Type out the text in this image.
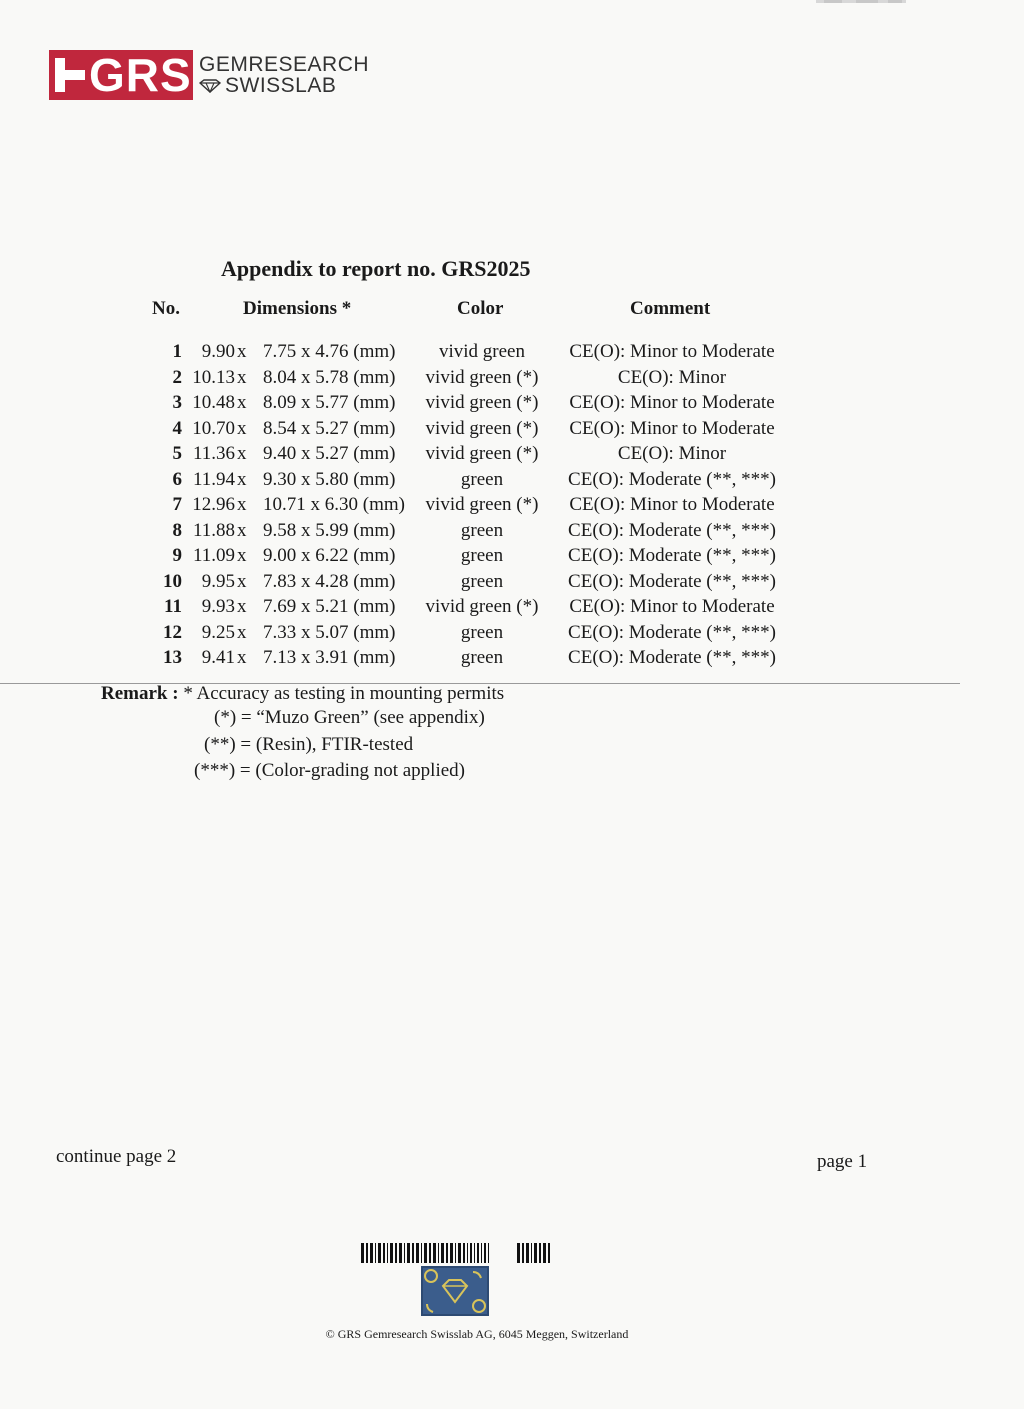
GRS GEMRESEARCH
SWISSLAB
Appendix to report no. GRS2025
No.	Dimensions *	Color	Comment
1 9.90 x 7.75 x 4.76 (mm) vivid green CE(O): Minor to Moderate
2 10.13 x 8.04 x 5.78 (mm) vivid green (*)	CE(O): Minor
3 10.48 x 8.09 x 5.77 (mm) vivid green (*) CE(O): Minor to Moderate
4 10.70 x 8.54 x 5.27 (mm) vivid green (*) CE(O): Minor to Moderate
5 11.36 x 9.40 x 5.27 (mm) vivid green (*)	CE(O): Minor
6 11.94 x 9.30 x 5.80 (mm)	green	CE(O): Moderate (**, ***)
7 12.96 x 10.71 x 6.30 (mm) vivid green (*) CE(O): Minor to Moderate
8 11.88 x 9.58 x 5.99 (mm)	green	CE(O): Moderate (**, ***)
9 11.09 x 9.00 x 6.22 (mm)	green	CE(O): Moderate (**, ***)
10 9.95 x 7.83 x 4.28 (mm)	green	CE(O): Moderate (**, ***)
11 9.93 x 7.69 x 5.21 (mm) vivid green (*) CE(O): Minor to Moderate
12 9.25 x 7.33 x 5.07 (mm)	green	CE(O): Moderate (**, ***)
13 9.41 x 7.13 x 3.91 (mm)	green	CE(O): Moderate (**, ***)
Remark : * Accuracy as testing in mounting permits
(*) = “Muzo Green” (see appendix)
(**) = (Resin), FTIR-tested
(***) = (Color-grading not applied)
continue page 2	page 1
© GRS Gemresearch Swisslab AG, 6045 Meggen, Switzerland
